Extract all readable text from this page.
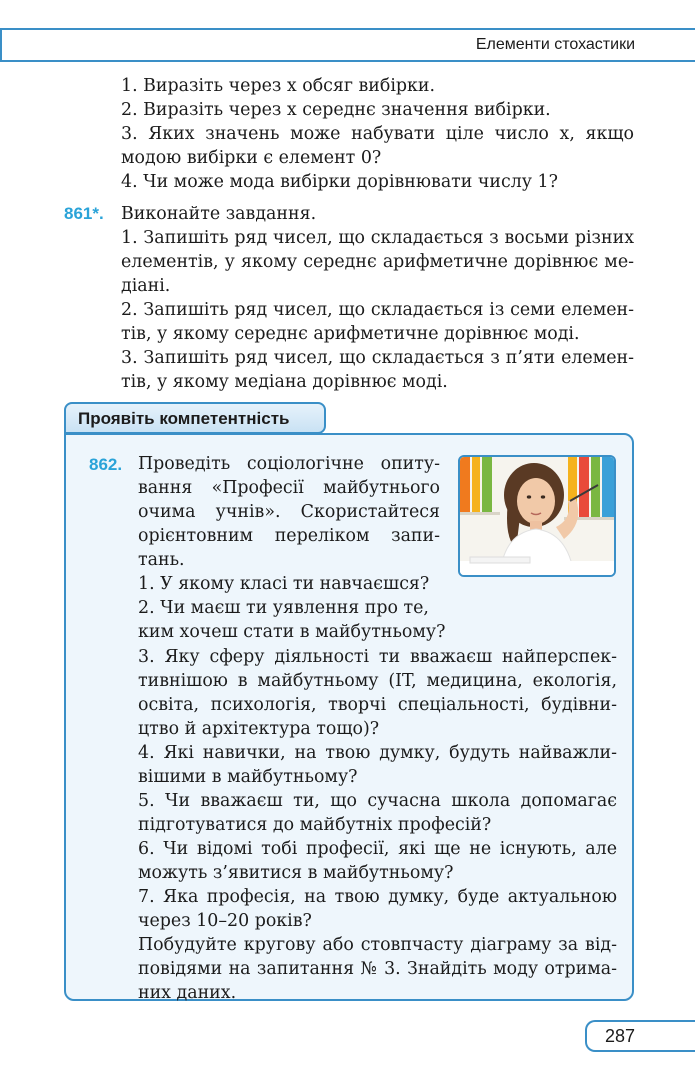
Елементи стохастики
1. Виразіть через x обсяг вибірки.
2. Виразіть через x середнє значення вибірки.
3. Яких значень може набувати ціле число x, якщо
модою вибірки є елемент 0?
4. Чи може мода вибірки дорівнювати числу 1?
861*. Виконайте завдання.
1. Запишіть ряд чисел, що складається з восьми різних
елементів, у якому середнє арифметичне дорівнює ме-
діані.
2. Запишіть ряд чисел, що складається із семи елемен-
тів, у якому середнє арифметичне дорівнює моді.
3. Запишіть ряд чисел, що складається з п’яти елемен-
тів, у якому медіана дорівнює моді.
Проявіть компетентність
862. Проведіть соціологічне опиту-
вання «Професії майбутнього
очима учнів». Скористайтеся
орієнтовним переліком запи-
тань.
1. У якому класі ти навчаєшся?
2. Чи маєш ти уявлення про те,
ким хочеш стати в майбутньому?
3. Яку сферу діяльності ти вважаєш найперспек-
тивнішою в майбутньому (IT, медицина, екологія,
освіта, психологія, творчі спеціальності, будівни-
цтво й архітектура тощо)?
4. Які навички, на твою думку, будуть найважли-
вішими в майбутньому?
5. Чи вважаєш ти, що сучасна школа допомагає
підготуватися до майбутніх професій?
6. Чи відомі тобі професії, які ще не існують, але
можуть з’явитися в майбутньому?
7. Яка професія, на твою думку, буде актуальною
через 10–20 років?
Побудуйте кругову або стовпчасту діаграму за від-
повідями на запитання № 3. Знайдіть моду отрима-
них даних.
287
